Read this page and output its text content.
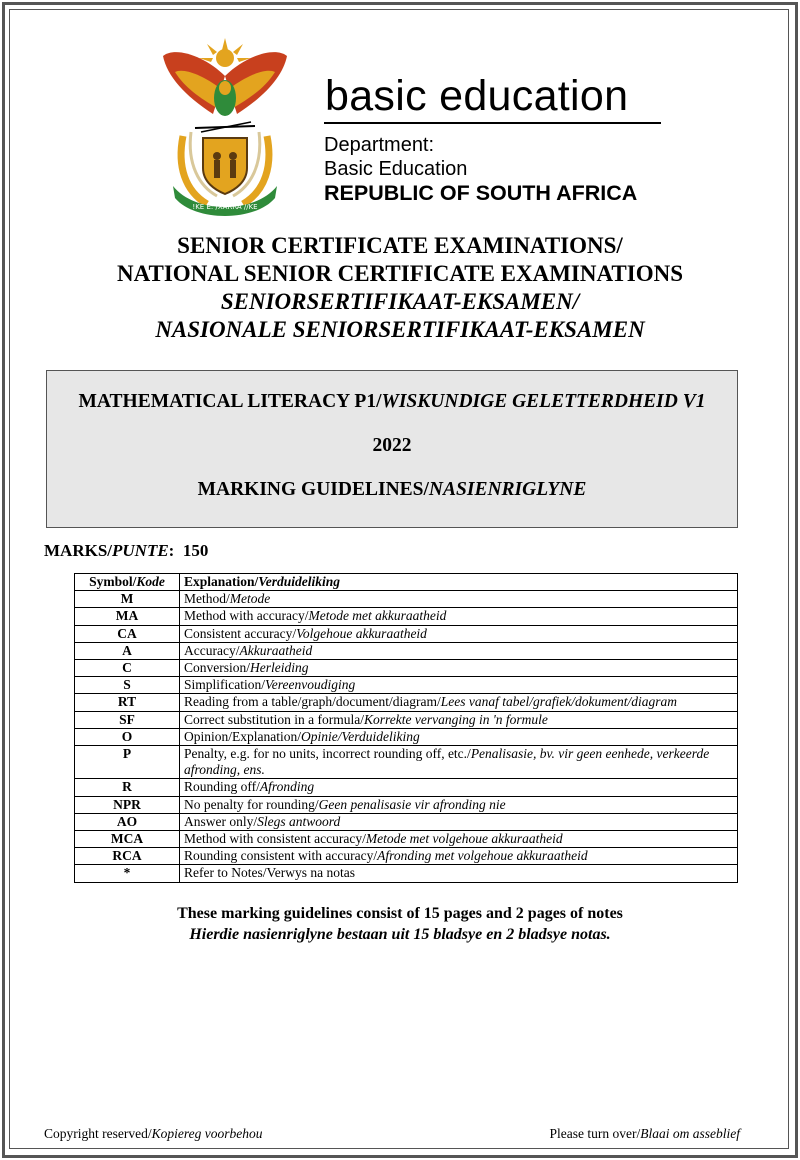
!KE E: /XARRA //KE
basic education
Department:
Basic Education
REPUBLIC OF SOUTH AFRICA
SENIOR CERTIFICATE EXAMINATIONS/
NATIONAL SENIOR CERTIFICATE EXAMINATIONS
SENIORSERTIFIKAAT-EKSAMEN/
NASIONALE SENIORSERTIFIKAAT-EKSAMEN
MATHEMATICAL LITERACY P1/WISKUNDIGE GELETTERDHEID V1
2022
MARKING GUIDELINES/NASIENRIGLYNE
MARKS/PUNTE: 150
Symbol/Kode	Explanation/Verduideliking
M	Method/Metode
MA	Method with accuracy/Metode met akkuraatheid
CA	Consistent accuracy/Volgehoue akkuraatheid
A	Accuracy/Akkuraatheid
C	Conversion/Herleiding
S	Simplification/Vereenvoudiging
RT	Reading from a table/graph/document/diagram/Lees vanaf tabel/grafiek/dokument/diagram
SF	Correct substitution in a formula/Korrekte vervanging in 'n formule
O	Opinion/Explanation/Opinie/Verduideliking
P	Penalty, e.g. for no units, incorrect rounding off, etc./Penalisasie, bv. vir geen eenhede, verkeerde afronding, ens.
R	Rounding off/Afronding
NPR	No penalty for rounding/Geen penalisasie vir afronding nie
AO	Answer only/Slegs antwoord
MCA	Method with consistent accuracy/Metode met volgehoue akkuraatheid
RCA	Rounding consistent with accuracy/Afronding met volgehoue akkuraatheid
*	Refer to Notes/Verwys na notas
These marking guidelines consist of 15 pages and 2 pages of notes
Hierdie nasienriglyne bestaan uit 15 bladsye en 2 bladsye notas.
Copyright reserved/Kopiereg voorbehou	Please turn over/Blaai om asseblief
